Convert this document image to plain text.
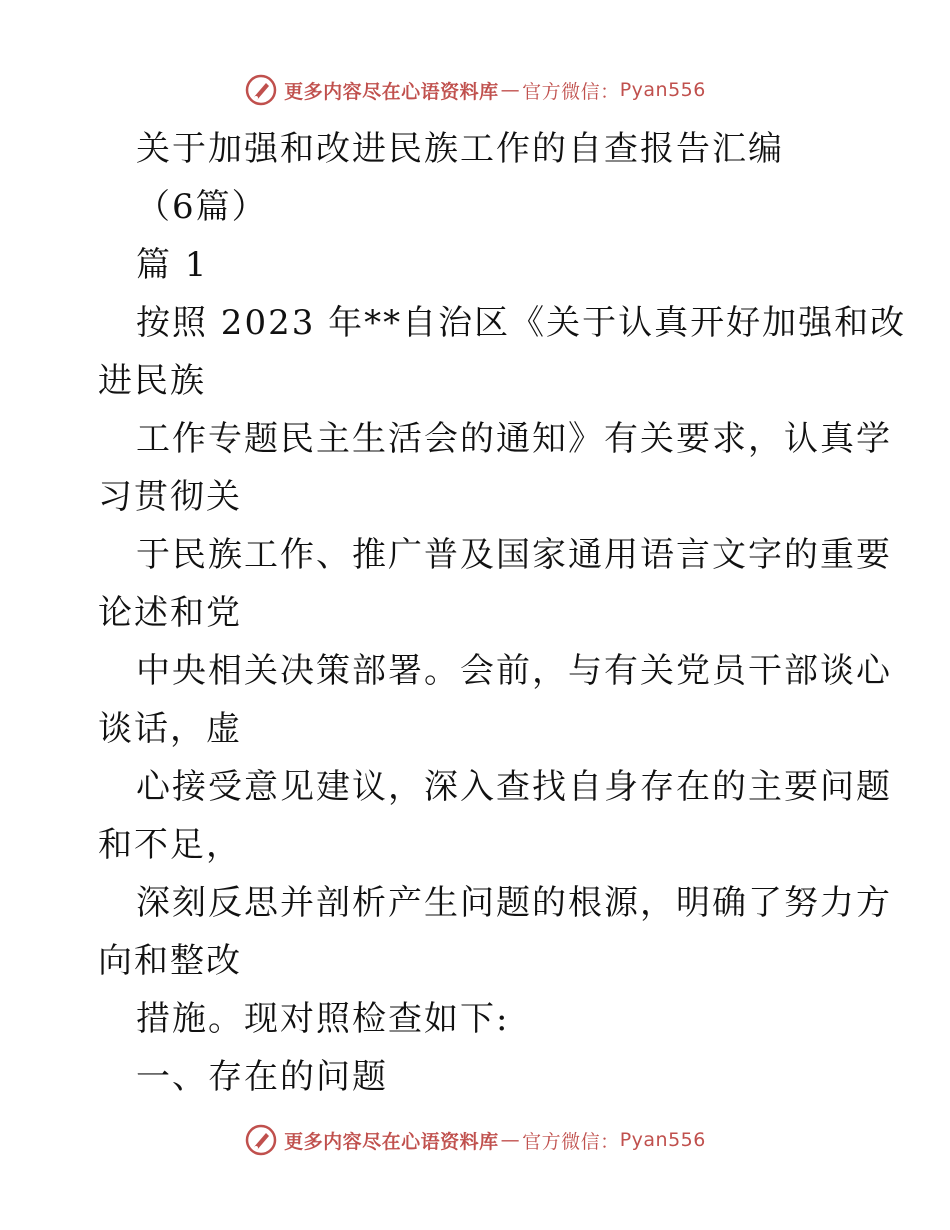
更多内容尽在心语资料库 — 官方微信： Pyan556

关于加强和改进民族工作的自查报告汇编

（6篇）

篇 1

按照 2023 年**自治区《关于认真开好加强和改

进民族

工作专题民主生活会的通知》有关要求，认真学

习贯彻关

于民族工作、推广普及国家通用语言文字的重要

论述和党

中央相关决策部署。会前，与有关党员干部谈心

谈话，虚

心接受意见建议，深入查找自身存在的主要问题

和不足，

深刻反思并剖析产生问题的根源，明确了努力方

向和整改

措施。现对照检查如下:

一、存在的问题

更多内容尽在心语资料库 — 官方微信： Pyan556
